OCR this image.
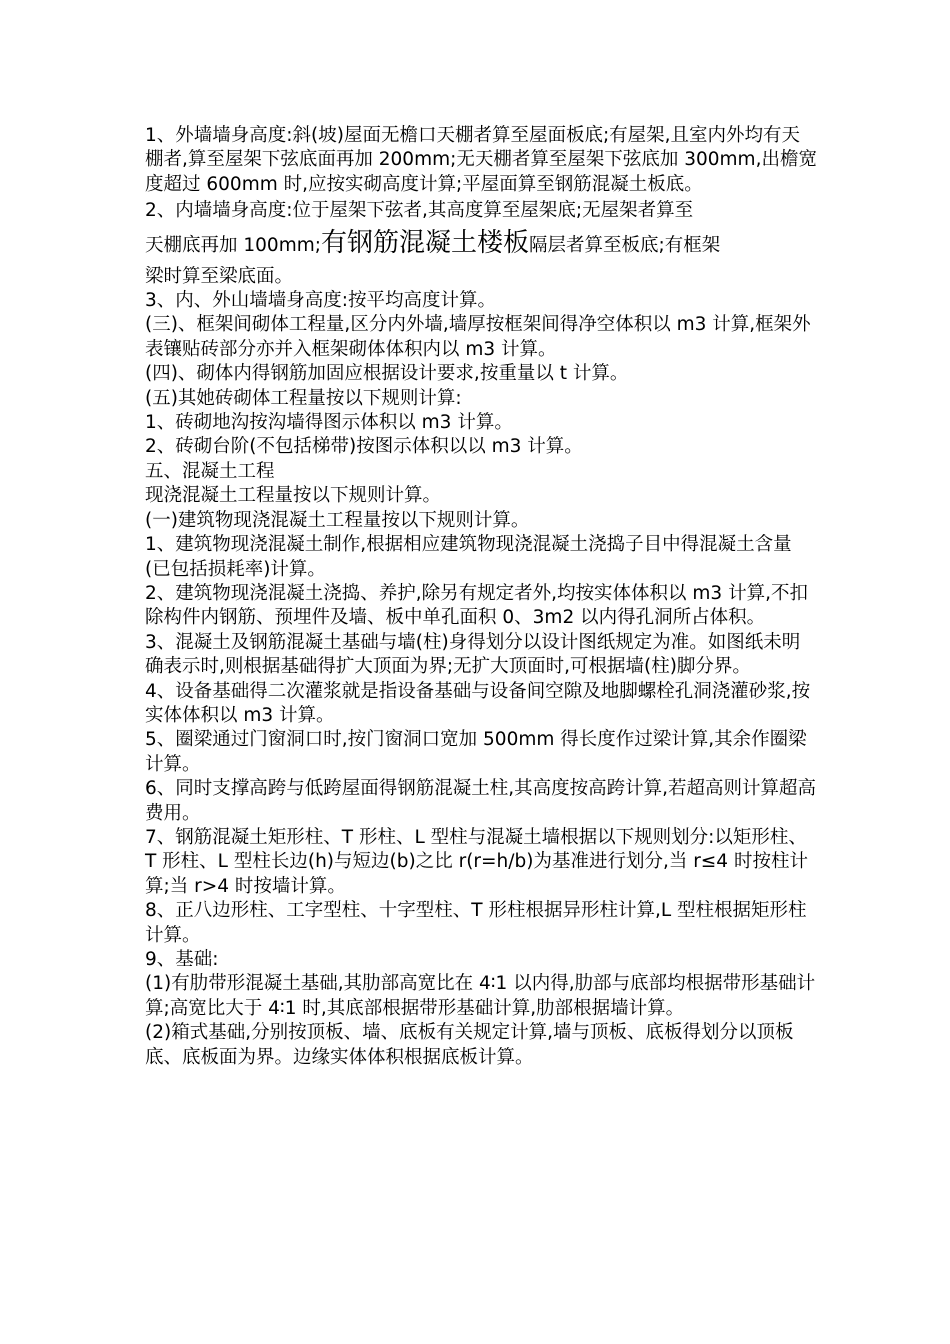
1、外墙墙身高度:斜(坡)屋面无檐口天棚者算至屋面板底;有屋架,且室内外均有天棚者,算至屋架下弦底面再加 200mm;无天棚者算至屋架下弦底加 300mm,出檐宽度超过 600mm 时,应按实砌高度计算;平屋面算至钢筋混凝土板底。

2、内墙墙身高度:位于屋架下弦者,其高度算至屋架底;无屋架者算至
天棚底再加 100mm;有钢筋混凝土楼板隔层者算至板底;有框架
梁时算至梁底面。

3、内、外山墙墙身高度:按平均高度计算。

(三)、框架间砌体工程量,区分内外墙,墙厚按框架间得净空体积以 m3 计算,框架外表镶贴砖部分亦并入框架砌体体积内以 m3 计算。

(四)、砌体内得钢筋加固应根据设计要求,按重量以 t 计算。

(五)其她砖砌体工程量按以下规则计算:

1、砖砌地沟按沟墙得图示体积以 m3 计算。

2、砖砌台阶(不包括梯带)按图示体积以以 m3 计算。

五、混凝土工程

现浇混凝土工程量按以下规则计算。

(一)建筑物现浇混凝土工程量按以下规则计算。

1、建筑物现浇混凝土制作,根据相应建筑物现浇混凝土浇捣子目中得混凝土含量(已包括损耗率)计算。

2、建筑物现浇混凝土浇捣、养护,除另有规定者外,均按实体体积以 m3 计算,不扣除构件内钢筋、预埋件及墙、板中单孔面积 0、3m2 以内得孔洞所占体积。

3、混凝土及钢筋混凝土基础与墙(柱)身得划分以设计图纸规定为准。如图纸未明确表示时,则根据基础得扩大顶面为界;无扩大顶面时,可根据墙(柱)脚分界。

4、设备基础得二次灌浆就是指设备基础与设备间空隙及地脚螺栓孔洞浇灌砂浆,按实体体积以 m3 计算。

5、圈梁通过门窗洞口时,按门窗洞口宽加 500mm 得长度作过梁计算,其余作圈梁计算。

6、同时支撑高跨与低跨屋面得钢筋混凝土柱,其高度按高跨计算,若超高则计算超高费用。

7、钢筋混凝土矩形柱、T 形柱、L 型柱与混凝土墙根据以下规则划分:以矩形柱、T 形柱、L 型柱长边(h)与短边(b)之比 r(r=h/b)为基准进行划分,当 r≤4 时按柱计算;当 r>4 时按墙计算。

8、正八边形柱、工字型柱、十字型柱、T 形柱根据异形柱计算,L 型柱根据矩形柱计算。

9、基础:

(1)有肋带形混凝土基础,其肋部高宽比在 4∶1 以内得,肋部与底部均根据带形基础计算;高宽比大于 4∶1 时,其底部根据带形基础计算,肋部根据墙计算。

(2)箱式基础,分别按顶板、墙、底板有关规定计算,墙与顶板、底板得划分以顶板底、底板面为界。边缘实体体积根据底板计算。
